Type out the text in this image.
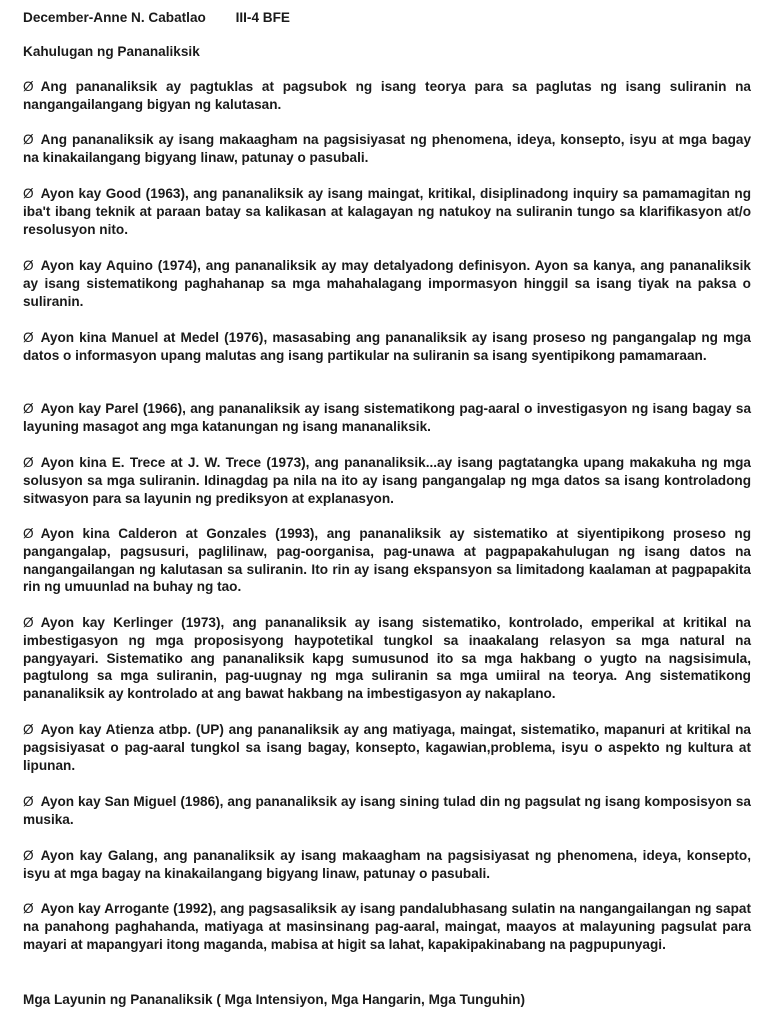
December-Anne N. Cabatlao III-4 BFE
Kahulugan ng Pananaliksik

Ø Ang pananaliksik ay pagtuklas at pagsubok ng isang teorya para sa paglutas ng isang suliranin na nangangailangang bigyan ng kalutasan.

Ø Ang pananaliksik ay isang makaagham na pagsisiyasat ng phenomena, ideya, konsepto, isyu at mga bagay na kinakailangang bigyang linaw, patunay o pasubali.

Ø Ayon kay Good (1963), ang pananaliksik ay isang maingat, kritikal, disiplinadong inquiry sa pamamagitan ng iba't ibang teknik at paraan batay sa kalikasan at kalagayan ng natukoy na suliranin tungo sa klarifikasyon at/o resolusyon nito.

Ø Ayon kay Aquino (1974), ang pananaliksik ay may detalyadong definisyon. Ayon sa kanya, ang pananaliksik ay isang sistematikong paghahanap sa mga mahahalagang impormasyon hinggil sa isang tiyak na paksa o suliranin.

Ø Ayon kina Manuel at Medel (1976), masasabing ang pananaliksik ay isang proseso ng pangangalap ng mga datos o informasyon upang malutas ang isang partikular na suliranin sa isang syentipikong pamamaraan.

Ø Ayon kay Parel (1966), ang pananaliksik ay isang sistematikong pag-aaral o investigasyon ng isang bagay sa layuning masagot ang mga katanungan ng isang mananaliksik.

Ø Ayon kina E. Trece at J. W. Trece (1973), ang pananaliksik...ay isang pagtatangka upang makakuha ng mga solusyon sa mga suliranin. Idinagdag pa nila na ito ay isang pangangalap ng mga datos sa isang kontroladong sitwasyon para sa layunin ng prediksyon at explanasyon.

Ø Ayon kina Calderon at Gonzales (1993), ang pananaliksik ay sistematiko at siyentipikong proseso ng pangangalap, pagsusuri, paglilinaw, pag-oorganisa, pag-unawa at pagpapakahulugan ng isang datos na nangangailangan ng kalutasan sa suliranin. Ito rin ay isang ekspansyon sa limitadong kaalaman at pagpapakita rin ng umuunlad na buhay ng tao.

Ø Ayon kay Kerlinger (1973), ang pananaliksik ay isang sistematiko, kontrolado, emperikal at kritikal na imbestigasyon ng mga proposisyong haypotetikal tungkol sa inaakalang relasyon sa mga natural na pangyayari. Sistematiko ang pananaliksik kapg sumusunod ito sa mga hakbang o yugto na nagsisimula, pagtulong sa mga suliranin, pag-uugnay ng mga suliranin sa mga umiiral na teorya. Ang sistematikong pananaliksik ay kontrolado at ang bawat hakbang na imbestigasyon ay nakaplano.

Ø Ayon kay Atienza atbp. (UP) ang pananaliksik ay ang matiyaga, maingat, sistematiko, mapanuri at kritikal na pagsisiyasat o pag-aaral tungkol sa isang bagay, konsepto, kagawian,problema, isyu o aspekto ng kultura at lipunan.

Ø Ayon kay San Miguel (1986), ang pananaliksik ay isang sining tulad din ng pagsulat ng isang komposisyon sa musika.

Ø Ayon kay Galang, ang pananaliksik ay isang makaagham na pagsisiyasat ng phenomena, ideya, konsepto, isyu at mga bagay na kinakailangang bigyang linaw, patunay o pasubali.

Ø Ayon kay Arrogante (1992), ang pagsasaliksik ay isang pandalubhasang sulatin na nangangailangan ng sapat na panahong paghahanda, matiyaga at masinsinang pag-aaral, maingat, maayos at malayuning pagsulat para mayari at mapangyari itong maganda, mabisa at higit sa lahat, kapakipakinabang na pagpupunyagi.

Mga Layunin ng Pananaliksik ( Mga Intensiyon, Mga Hangarin, Mga Tunguhin)
